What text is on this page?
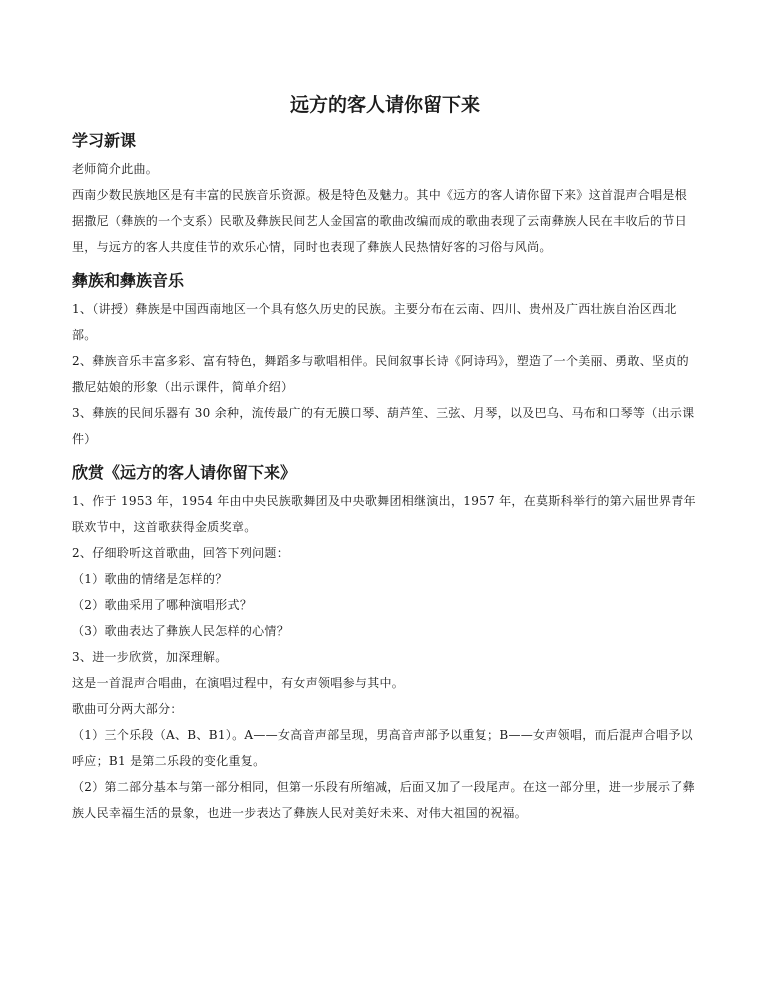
远方的客人请你留下来
学习新课

老师简介此曲。

西南少数民族地区是有丰富的民族音乐资源。极是特色及魅力。其中《远方的客人请你留下来》这首混声合唱是根据撒尼（彝族的一个支系）民歌及彝族民间艺人金国富的歌曲改编而成的歌曲表现了云南彝族人民在丰收后的节日里，与远方的客人共度佳节的欢乐心情，同时也表现了彝族人民热情好客的习俗与风尚。

彝族和彝族音乐

1、（讲授）彝族是中国西南地区一个具有悠久历史的民族。主要分布在云南、四川、贵州及广西壮族自治区西北部。

2、彝族音乐丰富多彩、富有特色，舞蹈多与歌唱相伴。民间叙事长诗《阿诗玛》，塑造了一个美丽、勇敢、坚贞的撒尼姑娘的形象（出示课件，简单介绍）

3、彝族的民间乐器有 30 余种，流传最广的有无膜口琴、葫芦笙、三弦、月琴，以及巴乌、马布和口琴等（出示课件）

欣赏《远方的客人请你留下来》

1、作于 1953 年，1954 年由中央民族歌舞团及中央歌舞团相继演出，1957 年，在莫斯科举行的第六届世界青年联欢节中，这首歌获得金质奖章。

2、仔细聆听这首歌曲，回答下列问题：

（1）歌曲的情绪是怎样的？

（2）歌曲采用了哪种演唱形式？

（3）歌曲表达了彝族人民怎样的心情？

3、进一步欣赏，加深理解。

这是一首混声合唱曲，在演唱过程中，有女声领唱参与其中。

歌曲可分两大部分：

（1）三个乐段（A、B、B1）。A——女高音声部呈现，男高音声部予以重复；B——女声领唱，而后混声合唱予以呼应；B1 是第二乐段的变化重复。

（2）第二部分基本与第一部分相同，但第一乐段有所缩减，后面又加了一段尾声。在这一部分里，进一步展示了彝族人民幸福生活的景象，也进一步表达了彝族人民对美好未来、对伟大祖国的祝福。
